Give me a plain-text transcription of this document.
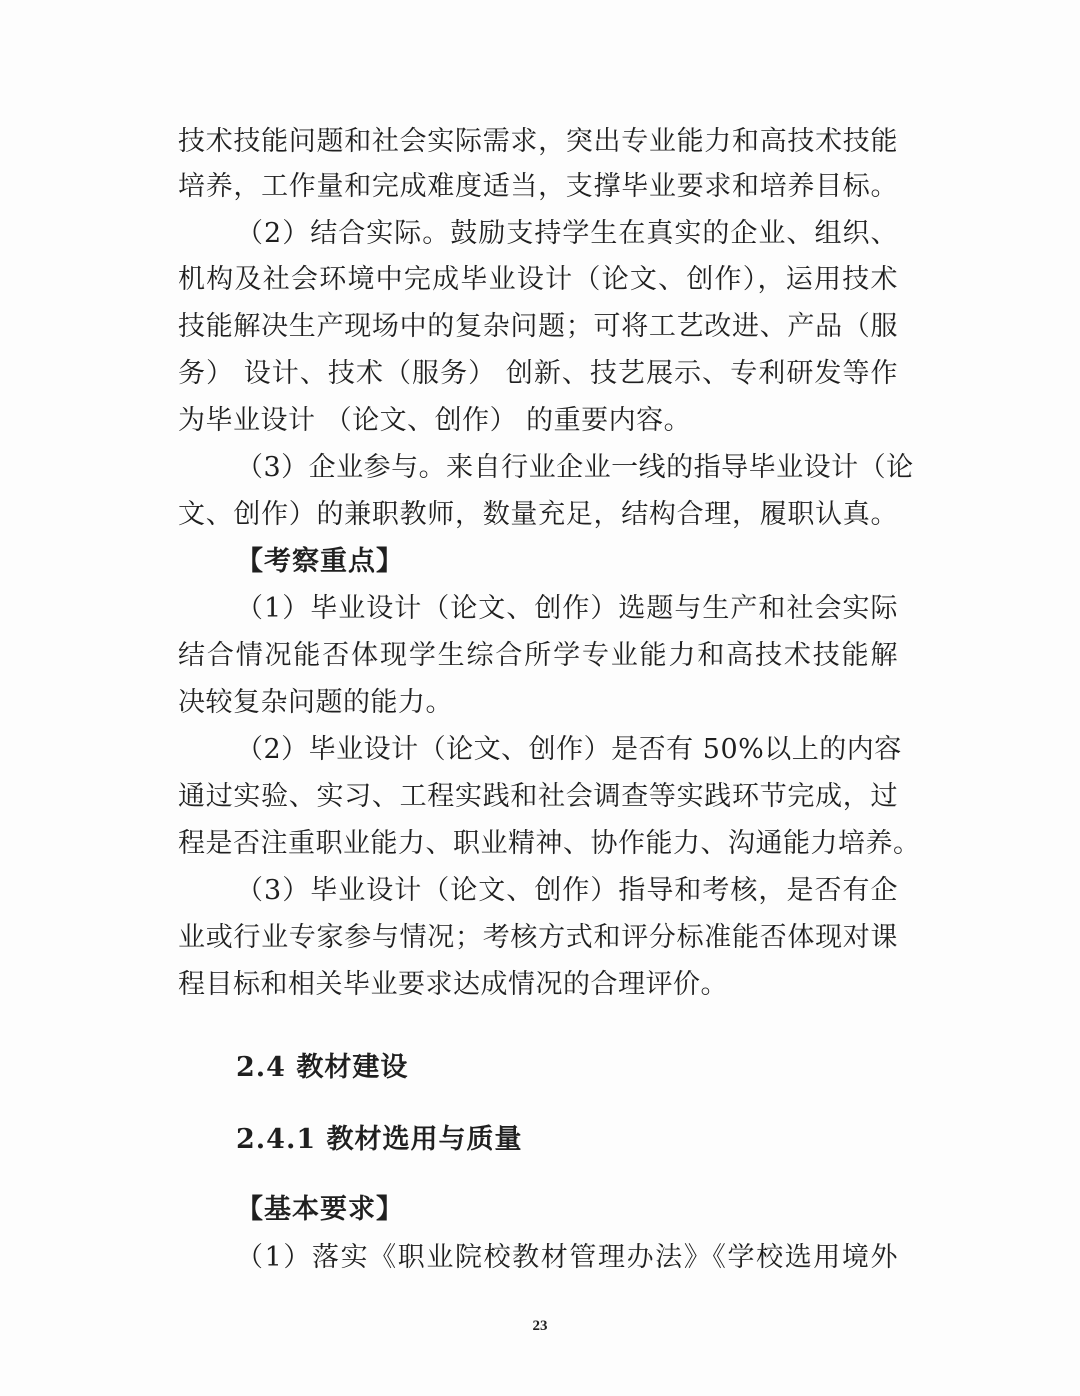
技术技能问题和社会实际需求，突出专业能力和高技术技能
培养，工作量和完成难度适当，支撑毕业要求和培养目标。
（2）结合实际。鼓励支持学生在真实的企业、组织、
机构及社会环境中完成毕业设计（论文、创作），运用技术
技能解决生产现场中的复杂问题；可将工艺改进、产品（服
务） 设计、技术（服务） 创新、技艺展示、专利研发等作
为毕业设计 （论文、创作） 的重要内容。
（3）企业参与。来自行业企业一线的指导毕业设计（论
文、创作）的兼职教师，数量充足，结构合理，履职认真。
【考察重点】
（1）毕业设计（论文、创作）选题与生产和社会实际
结合情况能否体现学生综合所学专业能力和高技术技能解
决较复杂问题的能力。
（2）毕业设计（论文、创作）是否有 50%以上的内容
通过实验、实习、工程实践和社会调查等实践环节完成，过
程是否注重职业能力、职业精神、协作能力、沟通能力培养。
（3）毕业设计（论文、创作）指导和考核，是否有企
业或行业专家参与情况；考核方式和评分标准能否体现对课
程目标和相关毕业要求达成情况的合理评价。
2.4 教材建设
2.4.1 教材选用与质量
【基本要求】
（1）落实《职业院校教材管理办法》《学校选用境外
23
